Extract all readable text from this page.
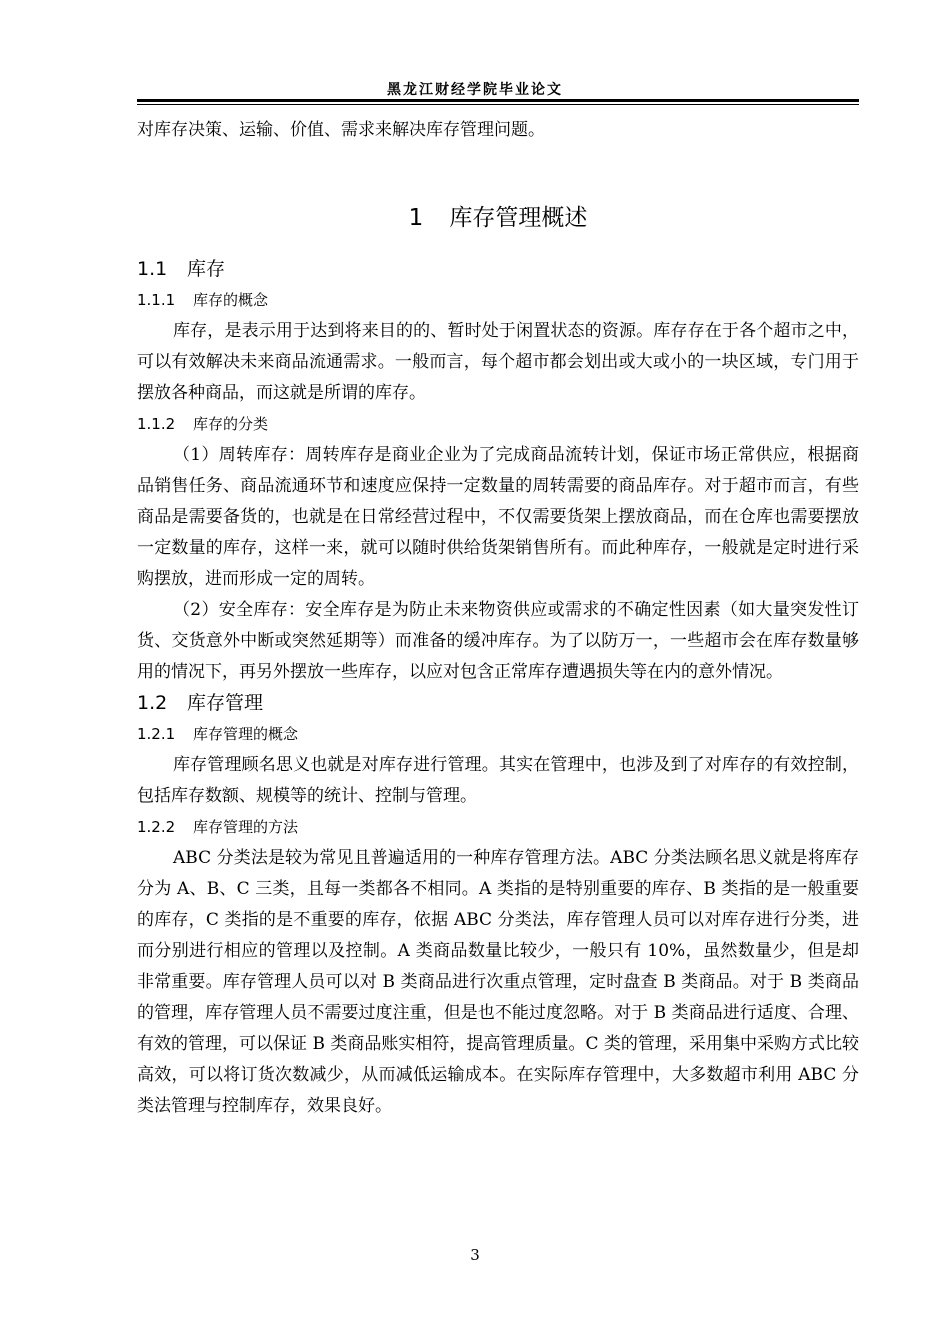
黑龙江财经学院毕业论文

对库存决策、运输、价值、需求来解决库存管理问题。

1 库存管理概述
1.1 库存
1.1.1 库存的概念

库存，是表示用于达到将来目的的、暂时处于闲置状态的资源。库存存在于各个超市之中，可以有效解决未来商品流通需求。一般而言，每个超市都会划出或大或小的一块区域，专门用于摆放各种商品，而这就是所谓的库存。

1.1.2 库存的分类

（1）周转库存：周转库存是商业企业为了完成商品流转计划，保证市场正常供应，根据商品销售任务、商品流通环节和速度应保持一定数量的周转需要的商品库存。对于超市而言，有些商品是需要备货的，也就是在日常经营过程中，不仅需要货架上摆放商品，而在仓库也需要摆放一定数量的库存，这样一来，就可以随时供给货架销售所有。而此种库存，一般就是定时进行采购摆放，进而形成一定的周转。

（2）安全库存：安全库存是为防止未来物资供应或需求的不确定性因素（如大量突发性订货、交货意外中断或突然延期等）而准备的缓冲库存。为了以防万一，一些超市会在库存数量够用的情况下，再另外摆放一些库存，以应对包含正常库存遭遇损失等在内的意外情况。

1.2 库存管理
1.2.1 库存管理的概念

库存管理顾名思义也就是对库存进行管理。其实在管理中，也涉及到了对库存的有效控制，包括库存数额、规模等的统计、控制与管理。

1.2.2 库存管理的方法

ABC 分类法是较为常见且普遍适用的一种库存管理方法。ABC 分类法顾名思义就是将库存分为 A、B、C 三类，且每一类都各不相同。A 类指的是特别重要的库存、B 类指的是一般重要的库存，C 类指的是不重要的库存，依据 ABC 分类法，库存管理人员可以对库存进行分类，进而分别进行相应的管理以及控制。A 类商品数量比较少，一般只有 10%，虽然数量少，但是却非常重要。库存管理人员可以对 B 类商品进行次重点管理，定时盘查 B 类商品。对于 B 类商品的管理，库存管理人员不需要过度注重，但是也不能过度忽略。对于 B 类商品进行适度、合理、有效的管理，可以保证 B 类商品账实相符，提高管理质量。C 类的管理，采用集中采购方式比较高效，可以将订货次数减少，从而减低运输成本。在实际库存管理中，大多数超市利用 ABC 分类法管理与控制库存，效果良好。

3
